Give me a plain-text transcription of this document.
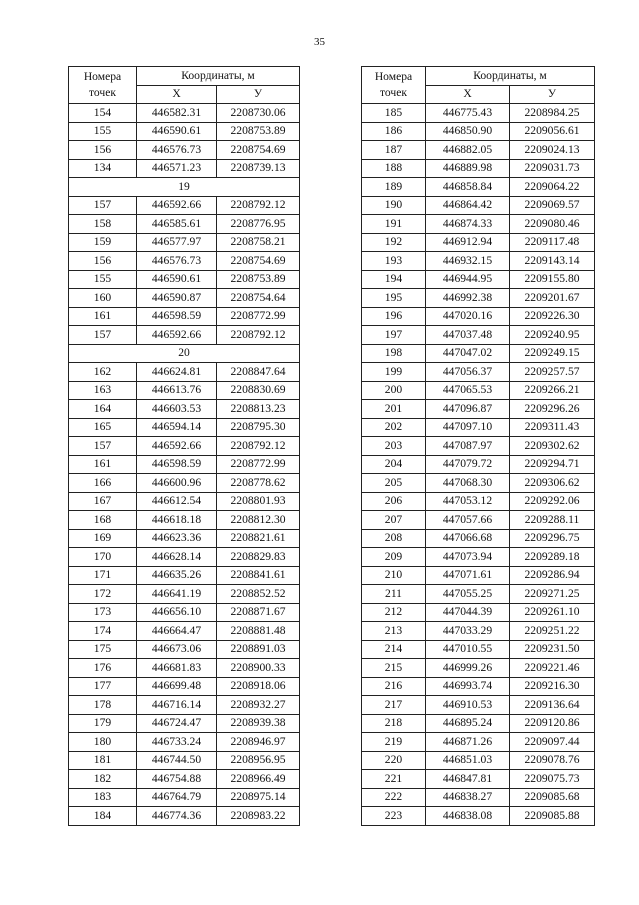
35
Номера
точек	Координаты, м	
	Х	У
154	446582.31	2208730.06
155	446590.61	2208753.89
156	446576.73	2208754.69
134	446571.23	2208739.13
19		
157	446592.66	2208792.12
158	446585.61	2208776.95
159	446577.97	2208758.21
156	446576.73	2208754.69
155	446590.61	2208753.89
160	446590.87	2208754.64
161	446598.59	2208772.99
157	446592.66	2208792.12
20		
162	446624.81	2208847.64
163	446613.76	2208830.69
164	446603.53	2208813.23
165	446594.14	2208795.30
157	446592.66	2208792.12
161	446598.59	2208772.99
166	446600.96	2208778.62
167	446612.54	2208801.93
168	446618.18	2208812.30
169	446623.36	2208821.61
170	446628.14	2208829.83
171	446635.26	2208841.61
172	446641.19	2208852.52
173	446656.10	2208871.67
174	446664.47	2208881.48
175	446673.06	2208891.03
176	446681.83	2208900.33
177	446699.48	2208918.06
178	446716.14	2208932.27
179	446724.47	2208939.38
180	446733.24	2208946.97
181	446744.50	2208956.95
182	446754.88	2208966.49
183	446764.79	2208975.14
184	446774.36	2208983.22
Номера
точек	Координаты, м	
	Х	У
185	446775.43	2208984.25
186	446850.90	2209056.61
187	446882.05	2209024.13
188	446889.98	2209031.73
189	446858.84	2209064.22
190	446864.42	2209069.57
191	446874.33	2209080.46
192	446912.94	2209117.48
193	446932.15	2209143.14
194	446944.95	2209155.80
195	446992.38	2209201.67
196	447020.16	2209226.30
197	447037.48	2209240.95
198	447047.02	2209249.15
199	447056.37	2209257.57
200	447065.53	2209266.21
201	447096.87	2209296.26
202	447097.10	2209311.43
203	447087.97	2209302.62
204	447079.72	2209294.71
205	447068.30	2209306.62
206	447053.12	2209292.06
207	447057.66	2209288.11
208	447066.68	2209296.75
209	447073.94	2209289.18
210	447071.61	2209286.94
211	447055.25	2209271.25
212	447044.39	2209261.10
213	447033.29	2209251.22
214	447010.55	2209231.50
215	446999.26	2209221.46
216	446993.74	2209216.30
217	446910.53	2209136.64
218	446895.24	2209120.86
219	446871.26	2209097.44
220	446851.03	2209078.76
221	446847.81	2209075.73
222	446838.27	2209085.68
223	446838.08	2209085.88
